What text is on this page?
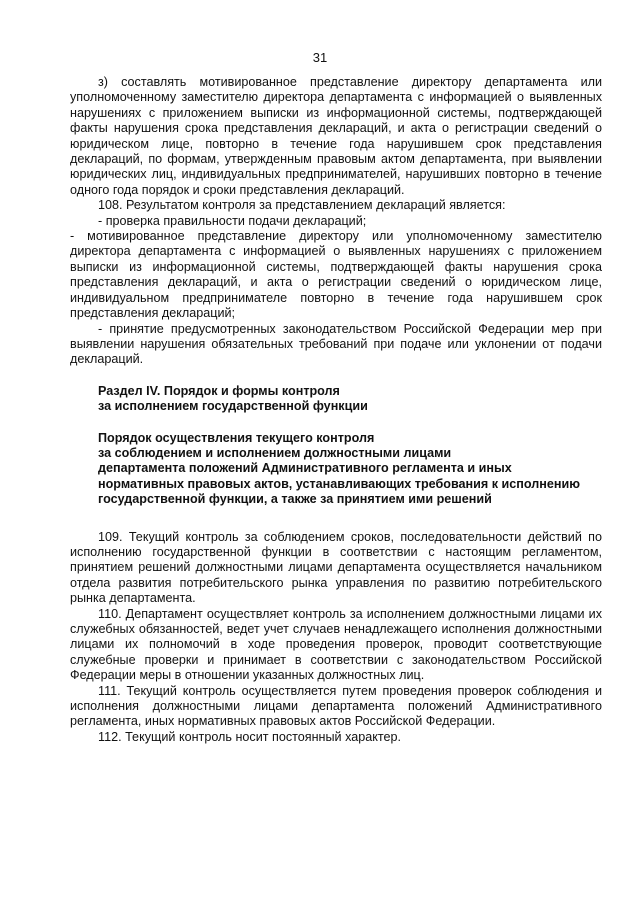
31

з) составлять мотивированное представление директору департамента или уполномоченному заместителю директора департамента с информацией о выявленных нарушениях с приложением выписки из информационной системы, подтверждающей факты нарушения срока представления деклараций, и акта о регистрации сведений о юридическом лице, повторно в течение года нарушившем срок представления деклараций, по формам, утвержденным правовым актом департамента, при выявлении юридических лиц, индивидуальных предпринимателей, нарушивших повторно в течение одного года порядок и сроки представления деклараций.

108. Результатом контроля за представлением деклараций является:

- проверка правильности подачи деклараций;

- мотивированное представление директору или уполномоченному заместителю директора департамента с информацией о выявленных нарушениях с приложением выписки из информационной системы, подтверждающей факты нарушения срока представления деклараций, и акта о регистрации сведений о юридическом лице, индивидуальном предпринимателе повторно в течение года нарушившем срок представления деклараций;

- принятие предусмотренных законодательством Российской Федерации мер при выявлении нарушения обязательных требований при подаче или уклонении от подачи деклараций.

Раздел IV. Порядок и формы контроля

за исполнением государственной функции

Порядок осуществления текущего контроля

за соблюдением и исполнением должностными лицами

департамента положений Административного регламента и иных

нормативных правовых актов, устанавливающих требования к исполнению

государственной функции, а также за принятием ими решений

109. Текущий контроль за соблюдением сроков, последовательности действий по исполнению государственной функции в соответствии с настоящим регламентом, принятием решений должностными лицами департамента осуществляется начальником отдела развития потребительского рынка управления по развитию потребительского рынка департамента.

110. Департамент осуществляет контроль за исполнением должностными лицами их служебных обязанностей, ведет учет случаев ненадлежащего исполнения должностными лицами их полномочий в ходе проведения проверок, проводит соответствующие служебные проверки и принимает в соответствии с законодательством Российской Федерации меры в отношении указанных должностных лиц.

111. Текущий контроль осуществляется путем проведения проверок соблюдения и исполнения должностными лицами департамента положений Административного регламента, иных нормативных правовых актов Российской Федерации.

112. Текущий контроль носит постоянный характер.
